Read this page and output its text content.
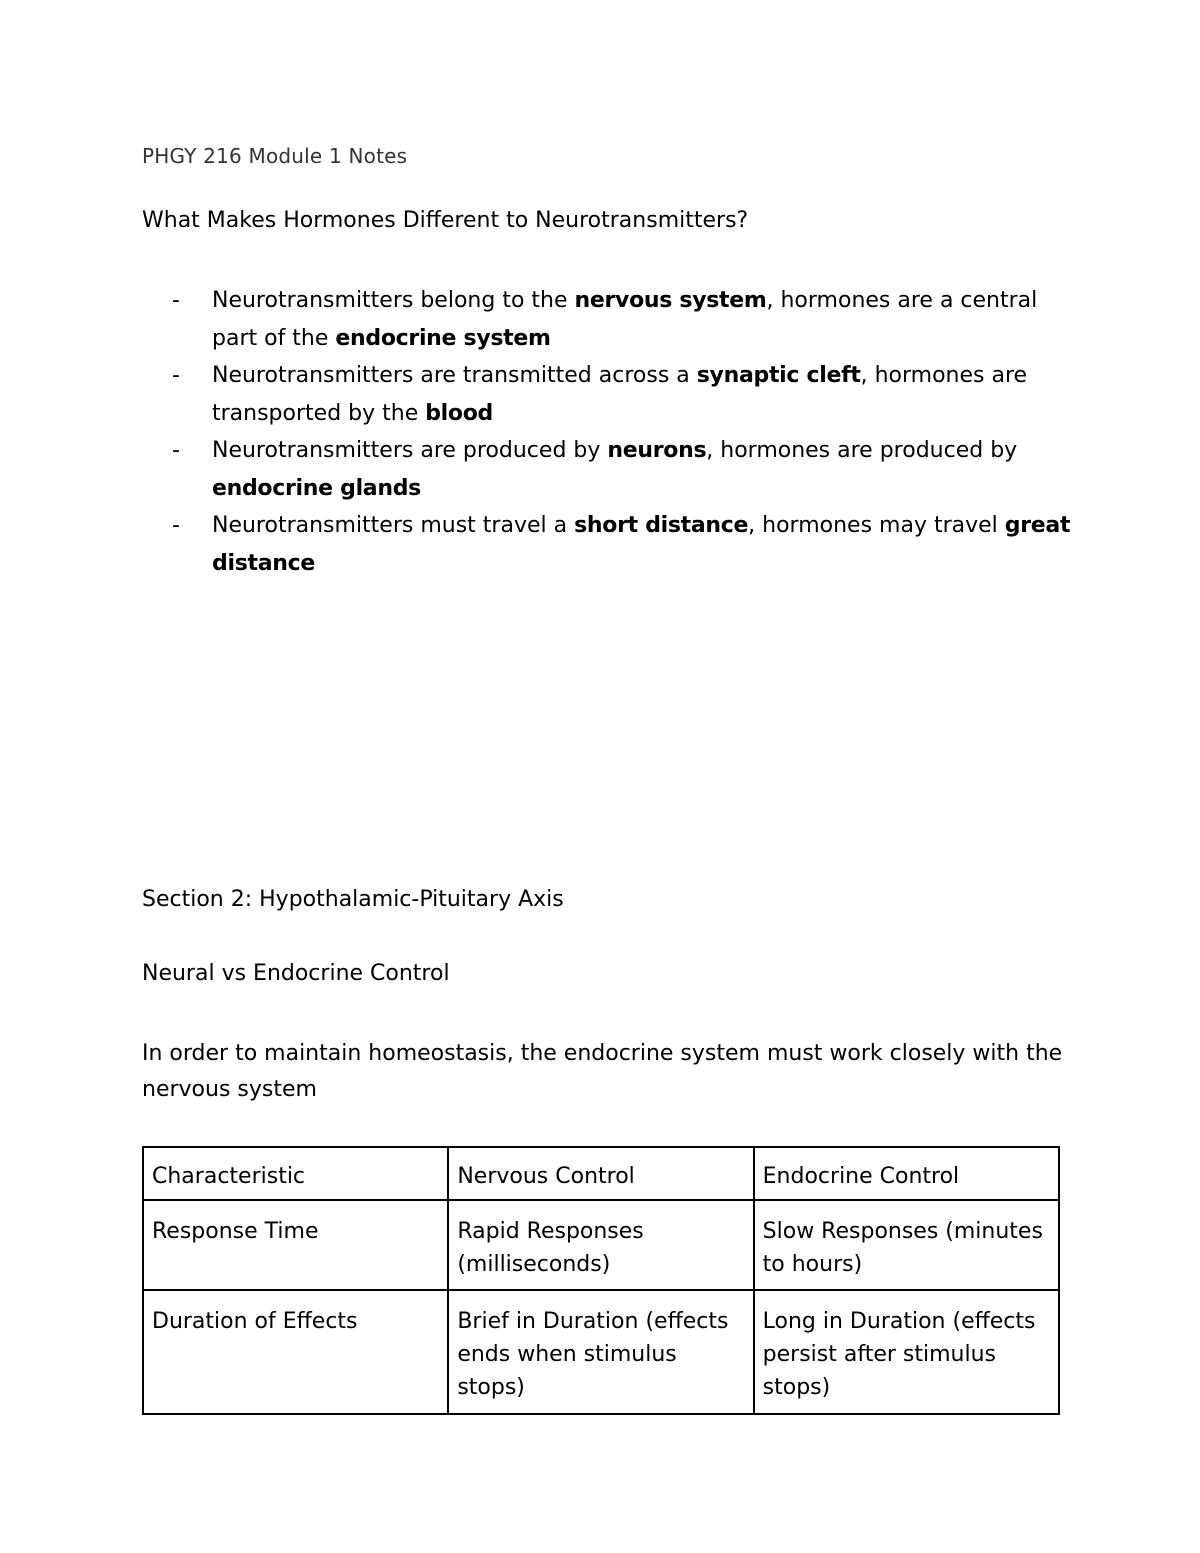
PHGY 216 Module 1 Notes
What Makes Hormones Different to Neurotransmitters?
- Neurotransmitters belong to the nervous system, hormones are a central part of the endocrine system
- Neurotransmitters are transmitted across a synaptic cleft, hormones are transported by the blood
- Neurotransmitters are produced by neurons, hormones are produced by endocrine glands
- Neurotransmitters must travel a short distance, hormones may travel great distance
Section 2: Hypothalamic-Pituitary Axis
Neural vs Endocrine Control
In order to maintain homeostasis, the endocrine system must work closely with the nervous system
Characteristic	Nervous Control	Endocrine Control
Response Time	Rapid Responses (milliseconds)	Slow Responses (minutes to hours)
Duration of Effects	Brief in Duration (effects ends when stimulus stops)	Long in Duration (effects persist after stimulus stops)
